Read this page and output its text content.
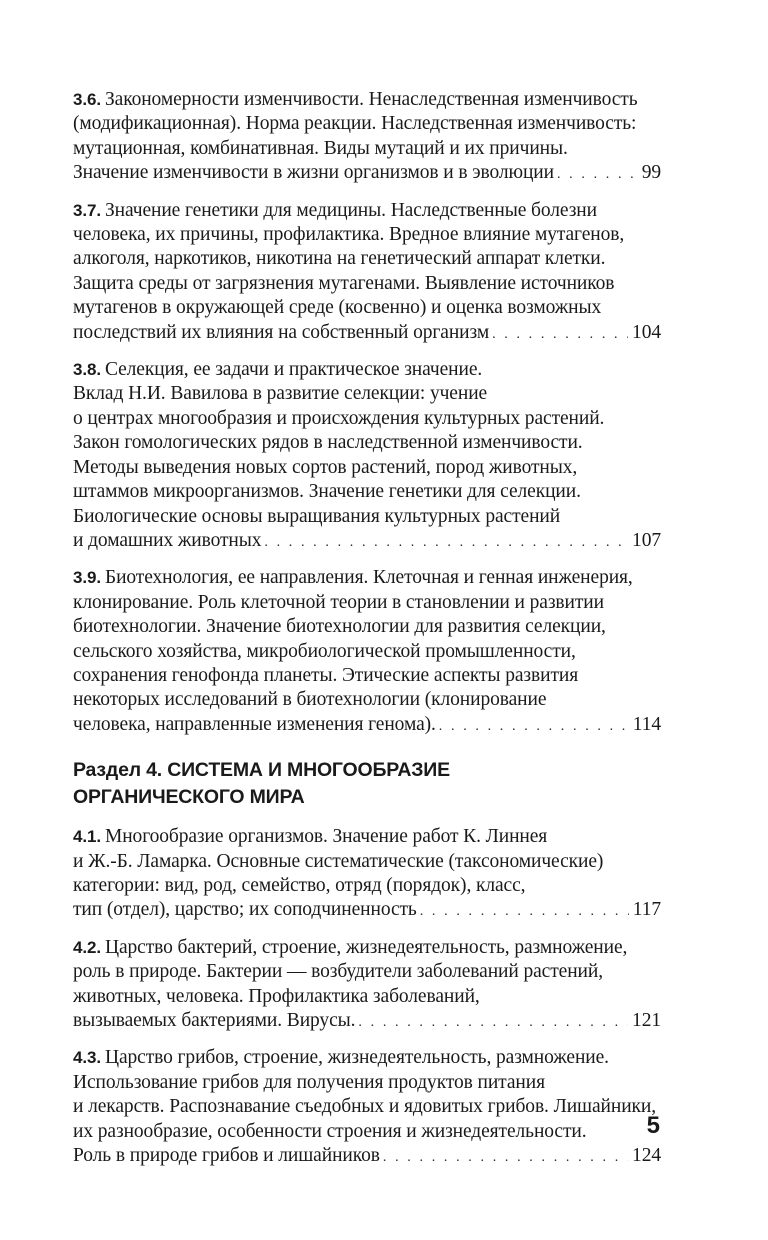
3.6. Закономерности изменчивости. Ненаследственная изменчивость
(модификационная). Норма реакции. Наследственная изменчивость:
мутационная, комбинативная. Виды мутаций и их причины.
Значение изменчивости в жизни организмов и в эволюции . . .	99
3.7. Значение генетики для медицины. Наследственные болезни
человека, их причины, профилактика. Вредное влияние мутагенов,
алкоголя, наркотиков, никотина на генетический аппарат клетки.
Защита среды от загрязнения мутагенами. Выявление источников
мутагенов в окружающей среде (косвенно) и оценка возможных
последствий их влияния на собственный организм . . .	104
3.8. Селекция, ее задачи и практическое значение.
Вклад Н.И. Вавилова в развитие селекции: учение
о центрах многообразия и происхождения культурных растений.
Закон гомологических рядов в наследственной изменчивости.
Методы выведения новых сортов растений, пород животных,
штаммов микроорганизмов. Значение генетики для селекции.
Биологические основы выращивания культурных растений
и домашних животных . . .	107
3.9. Биотехнология, ее направления. Клеточная и генная инженерия,
клонирование. Роль клеточной теории в становлении и развитии
биотехнологии. Значение биотехнологии для развития селекции,
сельского хозяйства, микробиологической промышленности,
сохранения генофонда планеты. Этические аспекты развития
некоторых исследований в биотехнологии (клонирование
человека, направленные изменения генома). . . .	114
Раздел 4. СИСТЕМА И МНОГООБРАЗИЕ
ОРГАНИЧЕСКОГО МИРА
4.1. Многообразие организмов. Значение работ К. Линнея
и Ж.-Б. Ламарка. Основные систематические (таксономические)
категории: вид, род, семейство, отряд (порядок), класс,
тип (отдел), царство; их соподчиненность . . .	117
4.2. Царство бактерий, строение, жизнедеятельность, размножение,
роль в природе. Бактерии — возбудители заболеваний растений,
животных, человека. Профилактика заболеваний,
вызываемых бактериями. Вирусы. . . .	121
4.3. Царство грибов, строение, жизнедеятельность, размножение.
Использование грибов для получения продуктов питания
и лекарств. Распознавание съедобных и ядовитых грибов. Лишайники,
их разнообразие, особенности строения и жизнедеятельности.
Роль в природе грибов и лишайников . . .	124
5
